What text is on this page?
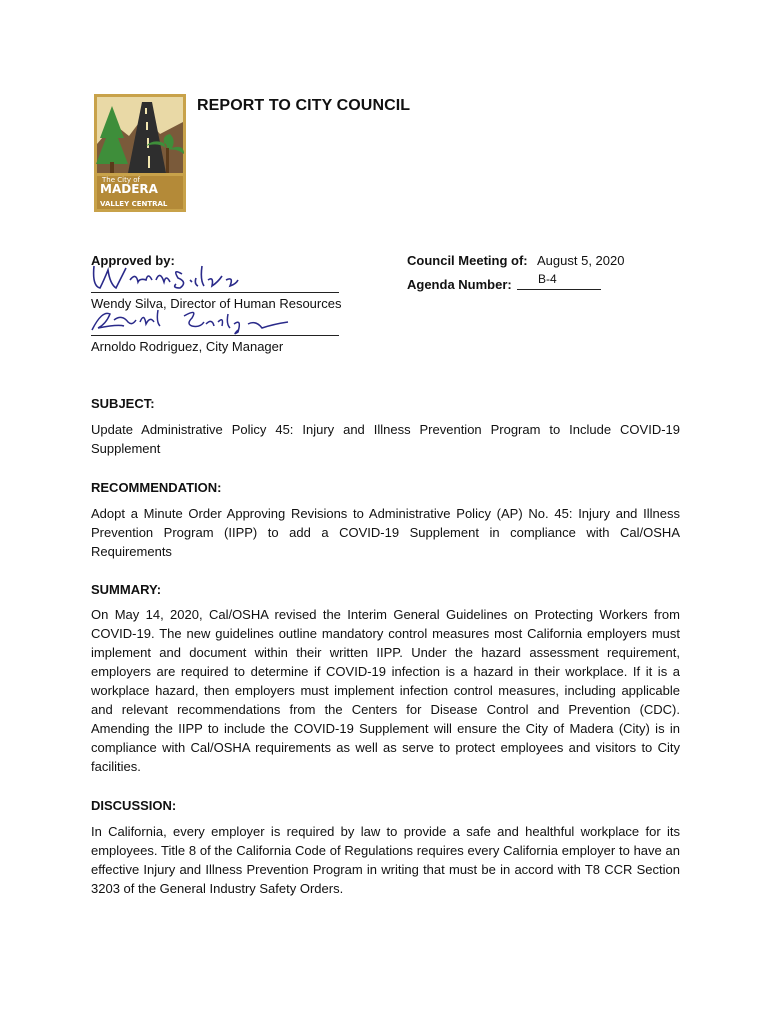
The City of
MADERA
VALLEY CENTRAL
REPORT TO CITY COUNCIL
Approved by:
Wendy Silva, Director of Human Resources
Arnoldo Rodriguez, City Manager
Council Meeting of: August 5, 2020
Agenda Number: B-4
SUBJECT:

Update Administrative Policy 45: Injury and Illness Prevention Program to Include COVID-19 Supplement

RECOMMENDATION:

Adopt a Minute Order Approving Revisions to Administrative Policy (AP) No. 45: Injury and Illness Prevention Program (IIPP) to add a COVID-19 Supplement in compliance with Cal/OSHA Requirements

SUMMARY:

On May 14, 2020, Cal/OSHA revised the Interim General Guidelines on Protecting Workers from COVID-19. The new guidelines outline mandatory control measures most California employers must implement and document within their written IIPP. Under the hazard assessment requirement, employers are required to determine if COVID-19 infection is a hazard in their workplace. If it is a workplace hazard, then employers must implement infection control measures, including applicable and relevant recommendations from the Centers for Disease Control and Prevention (CDC). Amending the IIPP to include the COVID-19 Supplement will ensure the City of Madera (City) is in compliance with Cal/OSHA requirements as well as serve to protect employees and visitors to City facilities.

DISCUSSION:

In California, every employer is required by law to provide a safe and healthful workplace for its employees. Title 8 of the California Code of Regulations requires every California employer to have an effective Injury and Illness Prevention Program in writing that must be in accord with T8 CCR Section 3203 of the General Industry Safety Orders.
